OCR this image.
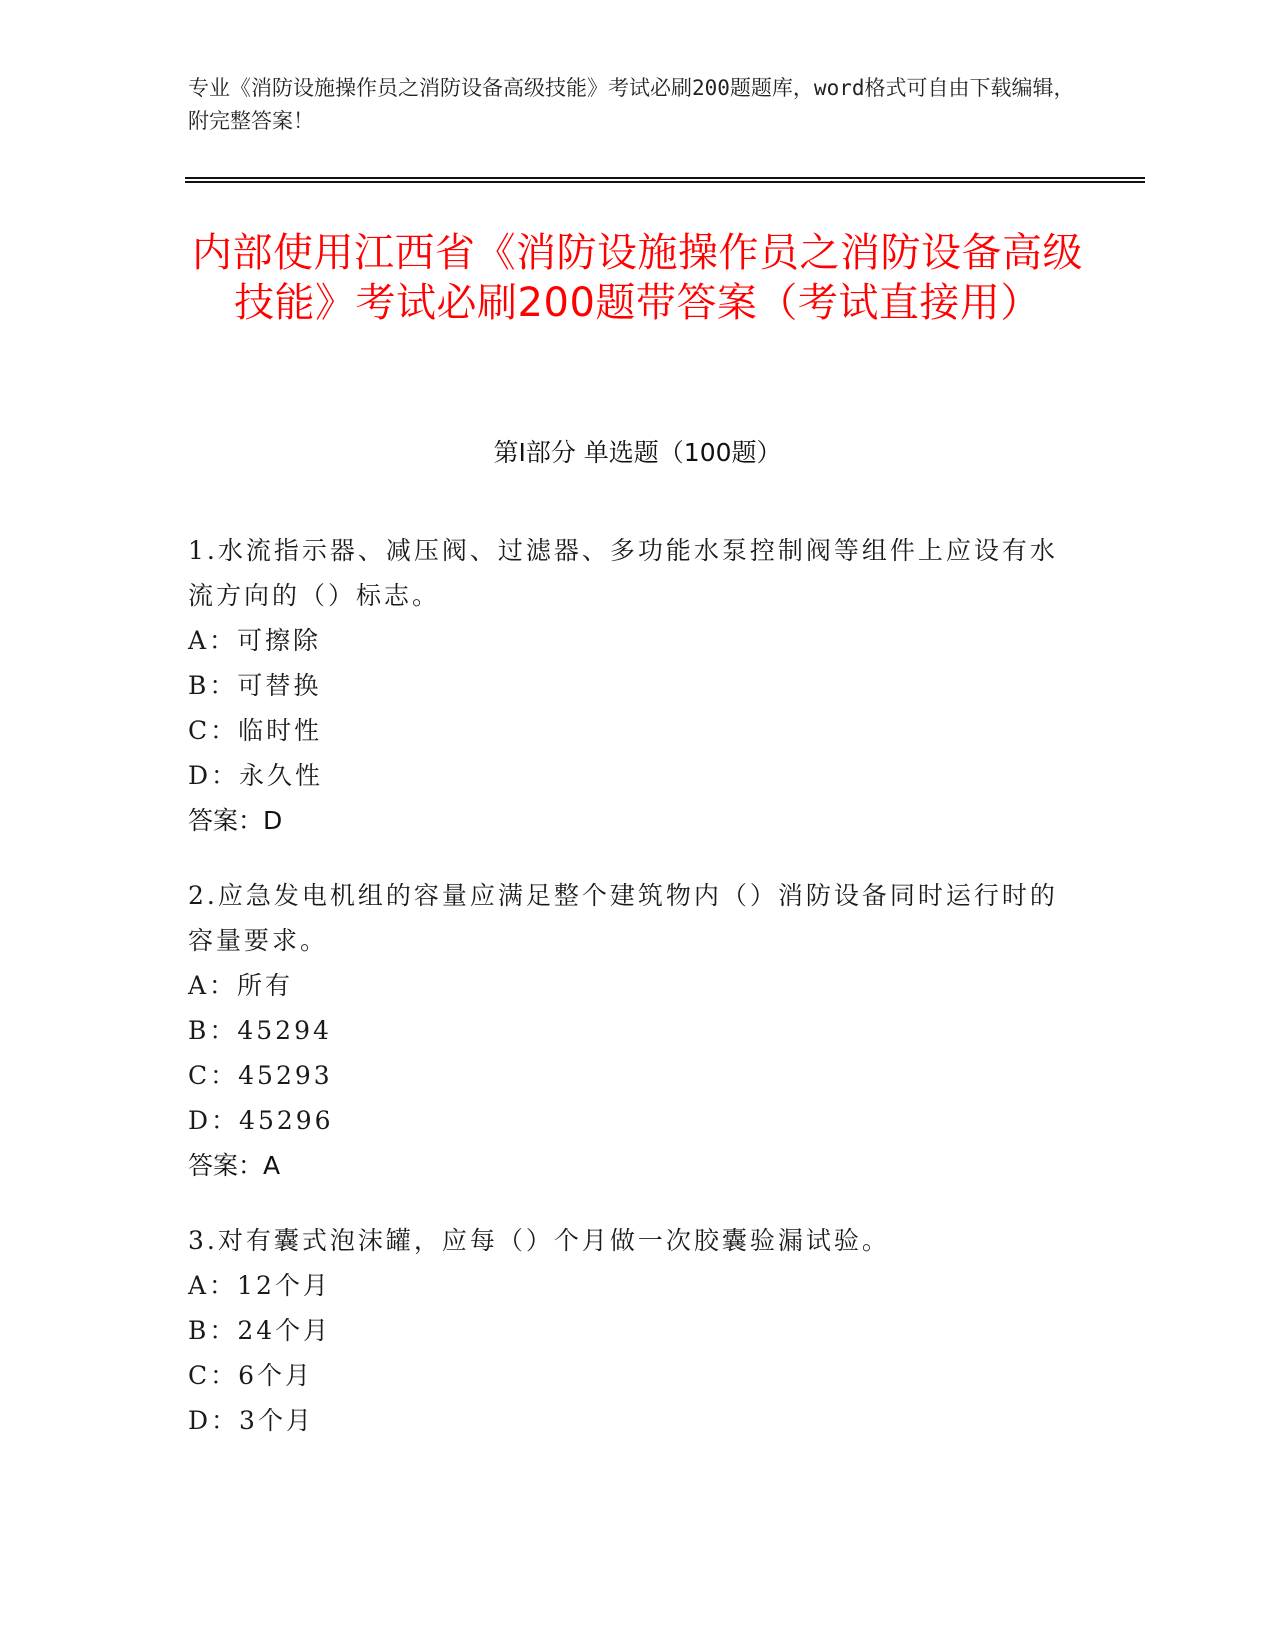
专业《消防设施操作员之消防设备高级技能》考试必刷200题题库，word格式可自由下载编辑，附完整答案！
内部使用江西省《消防设施操作员之消防设备高级技能》考试必刷200题带答案（考试直接用）
第I部分 单选题（100题）
1.水流指示器、减压阀、过滤器、多功能水泵控制阀等组件上应设有水流方向的（）标志。
A：可擦除
B：可替换
C：临时性
D：永久性
答案：D
2.应急发电机组的容量应满足整个建筑物内（）消防设备同时运行时的容量要求。
A：所有
B：45294
C：45293
D：45296
答案：A
3.对有囊式泡沫罐，应每（）个月做一次胶囊验漏试验。
A：12个月
B：24个月
C：6个月
D：3个月
